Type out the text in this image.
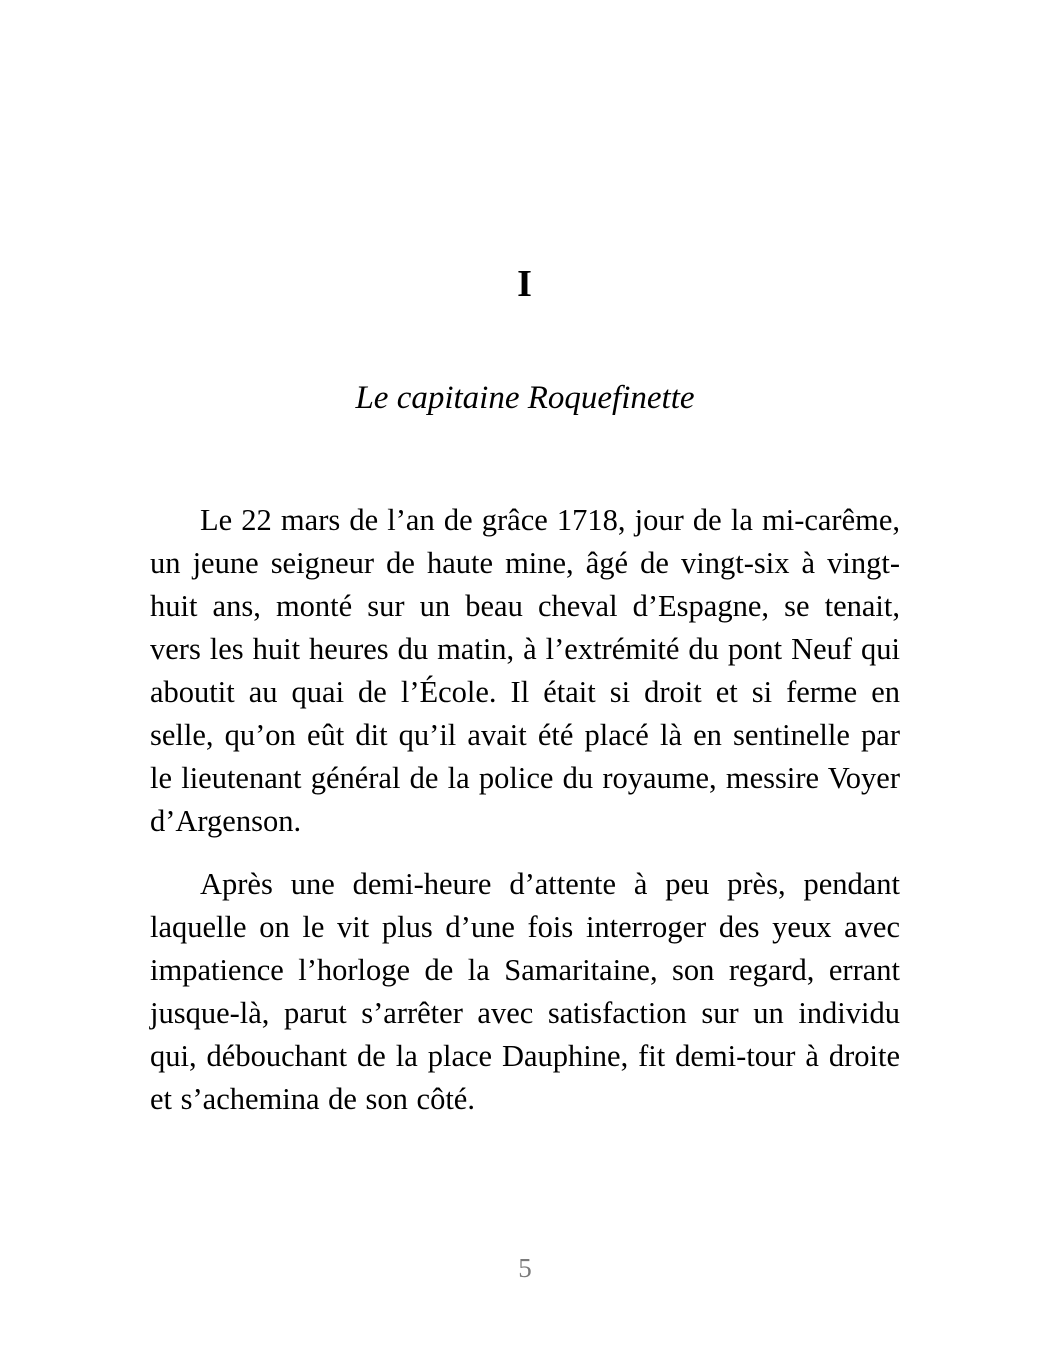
I
Le capitaine Roquefinette

Le 22 mars de l’an de grâce 1718, jour de la mi-carême, un jeune seigneur de haute mine, âgé de vingt-six à vingt-huit ans, monté sur un beau cheval d’Espagne, se tenait, vers les huit heures du matin, à l’extrémité du pont Neuf qui aboutit au quai de l’École. Il était si droit et si ferme en selle, qu’on eût dit qu’il avait été placé là en sentinelle par le lieutenant général de la police du royaume, messire Voyer d’Argenson.

Après une demi-heure d’attente à peu près, pendant laquelle on le vit plus d’une fois interroger des yeux avec impatience l’horloge de la Samaritaine, son regard, errant jusque-là, parut s’arrêter avec satisfaction sur un individu qui, débouchant de la place Dauphine, fit demi-tour à droite et s’achemina de son côté.

5
